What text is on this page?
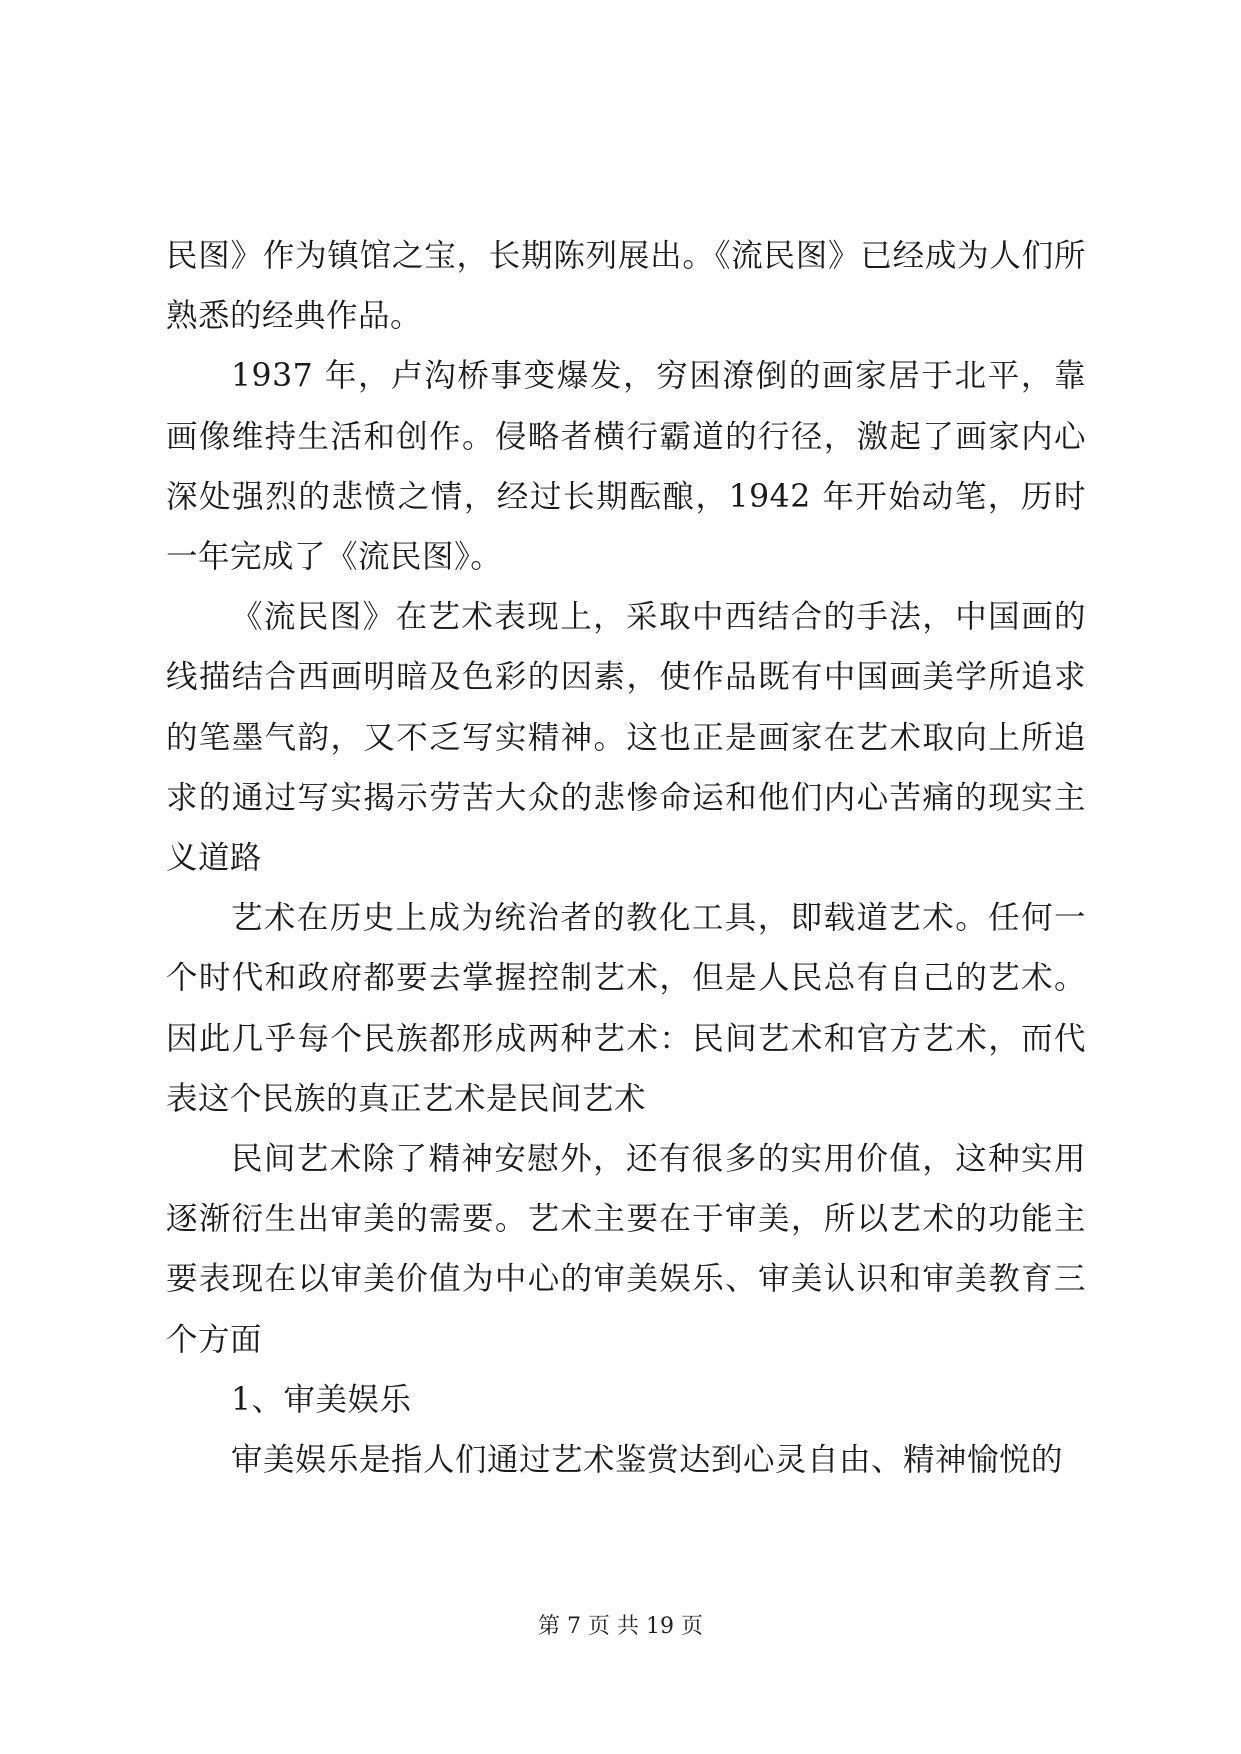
民图》作为镇馆之宝，长期陈列展出。《流民图》已经成为人们所熟悉的经典作品。

1937 年，卢沟桥事变爆发，穷困潦倒的画家居于北平，靠画像维持生活和创作。侵略者横行霸道的行径，激起了画家内心深处强烈的悲愤之情，经过长期酝酿，1942 年开始动笔，历时一年完成了《流民图》。

《流民图》在艺术表现上，采取中西结合的手法，中国画的线描结合西画明暗及色彩的因素，使作品既有中国画美学所追求的笔墨气韵，又不乏写实精神。这也正是画家在艺术取向上所追求的通过写实揭示劳苦大众的悲惨命运和他们内心苦痛的现实主义道路

艺术在历史上成为统治者的教化工具，即载道艺术。任何一个时代和政府都要去掌握控制艺术，但是人民总有自己的艺术。因此几乎每个民族都形成两种艺术：民间艺术和官方艺术，而代表这个民族的真正艺术是民间艺术

民间艺术除了精神安慰外，还有很多的实用价值，这种实用逐渐衍生出审美的需要。艺术主要在于审美，所以艺术的功能主要表现在以审美价值为中心的审美娱乐、审美认识和审美教育三个方面

1、审美娱乐

审美娱乐是指人们通过艺术鉴赏达到心灵自由、精神愉悦的

第 7 页 共 19 页
